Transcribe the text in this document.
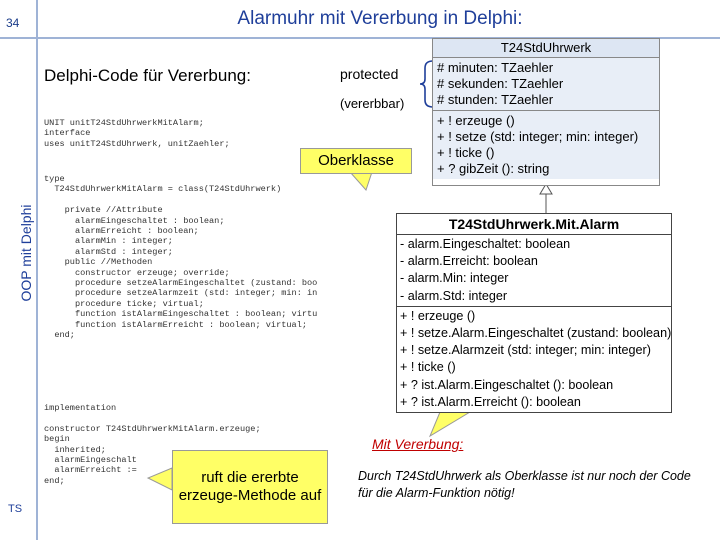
34	Alarmuhr mit Vererbung in Delphi:
OOP mit Delphi
TS
Delphi-Code für Vererbung:
UNIT unitT24StdUhrwerkMitAlarm;
interface
uses unitT24StdUhrwerk, unitZaehler;
type
T24StdUhrwerkMitAlarm = class(T24StdUhrwerk)

private //Attribute
alarmEingeschaltet : boolean;
alarmErreicht : boolean;
alarmMin : integer;
alarmStd : integer;
public //Methoden
constructor erzeuge; override;
procedure setzeAlarmEingeschaltet (zustand: boo
procedure setzeAlarmzeit (std: integer; min: in
procedure ticke; virtual;
function istAlarmEingeschaltet : boolean; virtu
function istAlarmErreicht : boolean; virtual;
end;
implementation

constructor T24StdUhrwerkMitAlarm.erzeuge;
begin
inherited;
alarmEingeschalt
alarmErreicht :=
end;
protected
(vererbbar)
Oberklasse
T24StdUhrwerk
# minuten: TZaehler
# sekunden: TZaehler
# stunden: TZaehler
+ ! erzeuge ()
+ ! setze (std: integer; min: integer)
+ ! ticke ()
+ ? gibZeit (): string
T24StdUhrwerk.Mit.Alarm
- alarm.Eingeschaltet: boolean
- alarm.Erreicht: boolean
- alarm.Min: integer
- alarm.Std: integer
+ ! erzeuge ()
+ ! setze.Alarm.Eingeschaltet (zustand: boolean)
+ ! setze.Alarmzeit (std: integer; min: integer)
+ ! ticke ()
+ ? ist.Alarm.Eingeschaltet (): boolean
+ ? ist.Alarm.Erreicht (): boolean
Mit Vererbung:
Durch T24StdUhrwerk als Oberklasse ist nur noch der Code für die Alarm-Funktion nötig!
ruft die ererbte erzeuge-Methode auf
